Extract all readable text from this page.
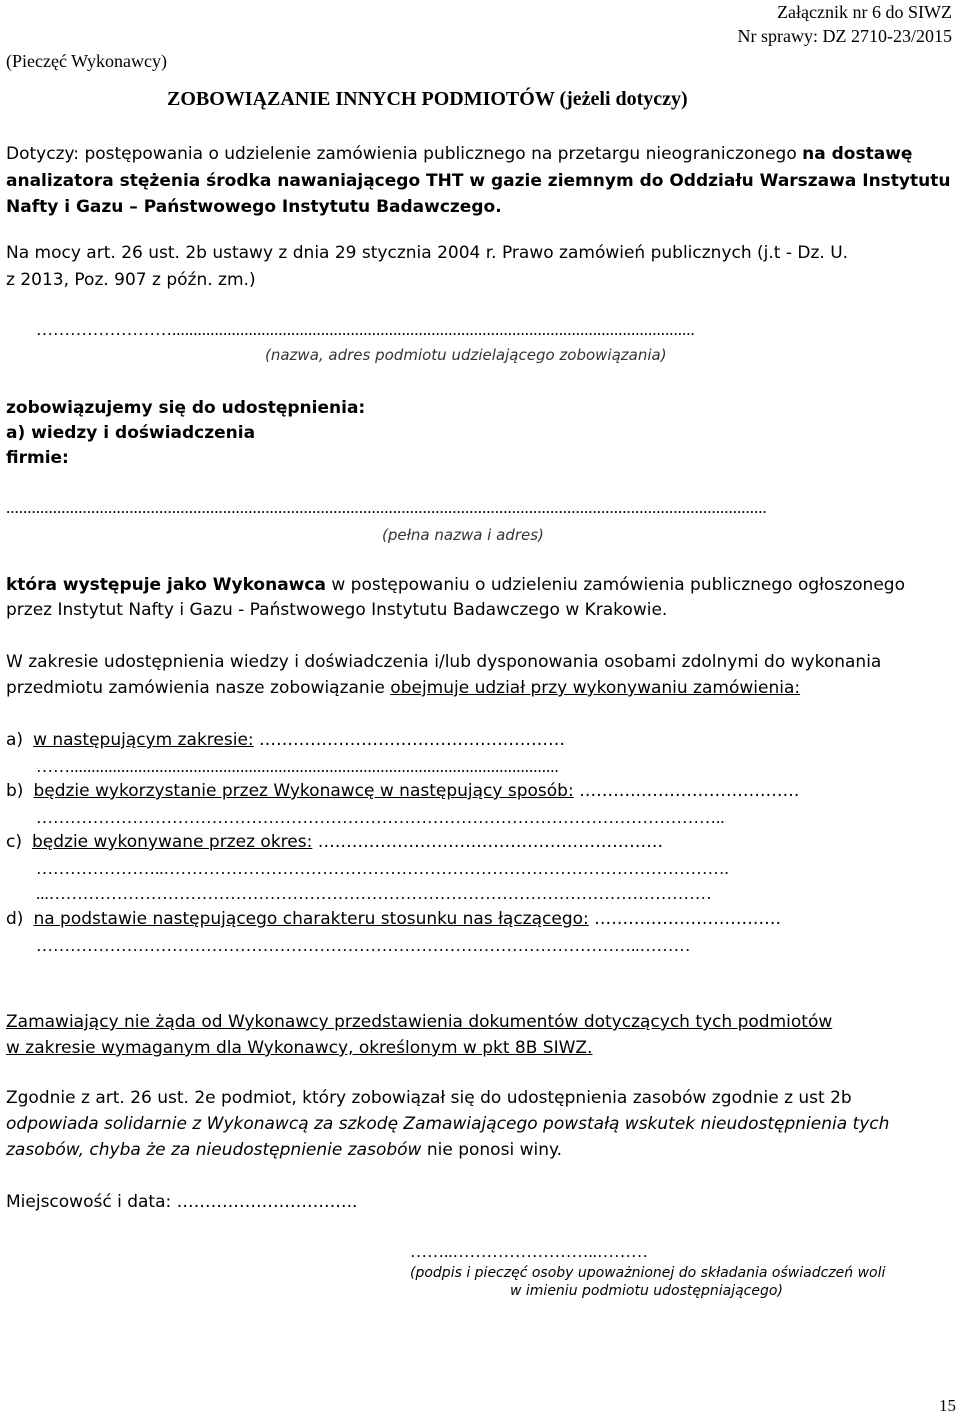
Załącznik nr 6 do SIWZ
Nr sprawy: DZ 2710-23/2015
(Pieczęć Wykonawcy)
ZOBOWIĄZANIE INNYCH PODMIOTÓW (jeżeli dotyczy)
Dotyczy: postępowania o udzielenie zamówienia publicznego na przetargu nieograniczonego na dostawę
analizatora stężenia środka nawaniającego THT w gazie ziemnym do Oddziału Warszawa Instytutu
Nafty i Gazu – Państwowego Instytutu Badawczego.
Na mocy art. 26 ust. 2b ustawy z dnia 29 stycznia 2004 r. Prawo zamówień publicznych (j.t - Dz. U.
z 2013, Poz. 907 z późn. zm.)
……………………...........................................................................................................................
(nazwa, adres podmiotu udzielającego zobowiązania)
zobowiązujemy się do udostępnienia:
a) wiedzy i doświadczenia
firmie:
...................................................................................................................................................................................
(pełna nazwa i adres)
która występuje jako Wykonawca w postępowaniu o udzieleniu zamówienia publicznego ogłoszonego
przez Instytut Nafty i Gazu - Państwowego Instytutu Badawczego w Krakowie.
W zakresie udostępnienia wiedzy i doświadczenia i/lub dysponowania osobami zdolnymi do wykonania
przedmiotu zamówienia nasze zobowiązanie obejmuje udział przy wykonywaniu zamówienia:
a) w następującym zakresie: ………………………………………………
……...................................................................................................................
b) będzie wykorzystanie przez Wykonawcę w następujący sposób: ………..……………………….
…………………………………………………………………………………………………………..
c) będzie wykonywane przez okres: ……………………….……………………………
…………………..……………………………………………………………………………………….
...………………………………………………………………………………………………………
d) na podstawie następującego charakteru stosunku nas łączącego: ……………………………
……………………………………………………………………………………………..………
Zamawiający nie żąda od Wykonawcy przedstawienia dokumentów dotyczących tych podmiotów
w zakresie wymaganym dla Wykonawcy, określonym w pkt 8B SIWZ.
Zgodnie z art. 26 ust. 2e podmiot, który zobowiązał się do udostępnienia zasobów zgodnie z ust 2b
odpowiada solidarnie z Wykonawcą za szkodę Zamawiającego powstałą wskutek nieudostępnienia tych
zasobów, chyba że za nieudostępnienie zasobów nie ponosi winy.
Miejscowość i data: …………………………..
……..……………………..………
(podpis i pieczęć osoby upoważnionej do składania oświadczeń woli
w imieniu podmiotu udostępniającego)
15
